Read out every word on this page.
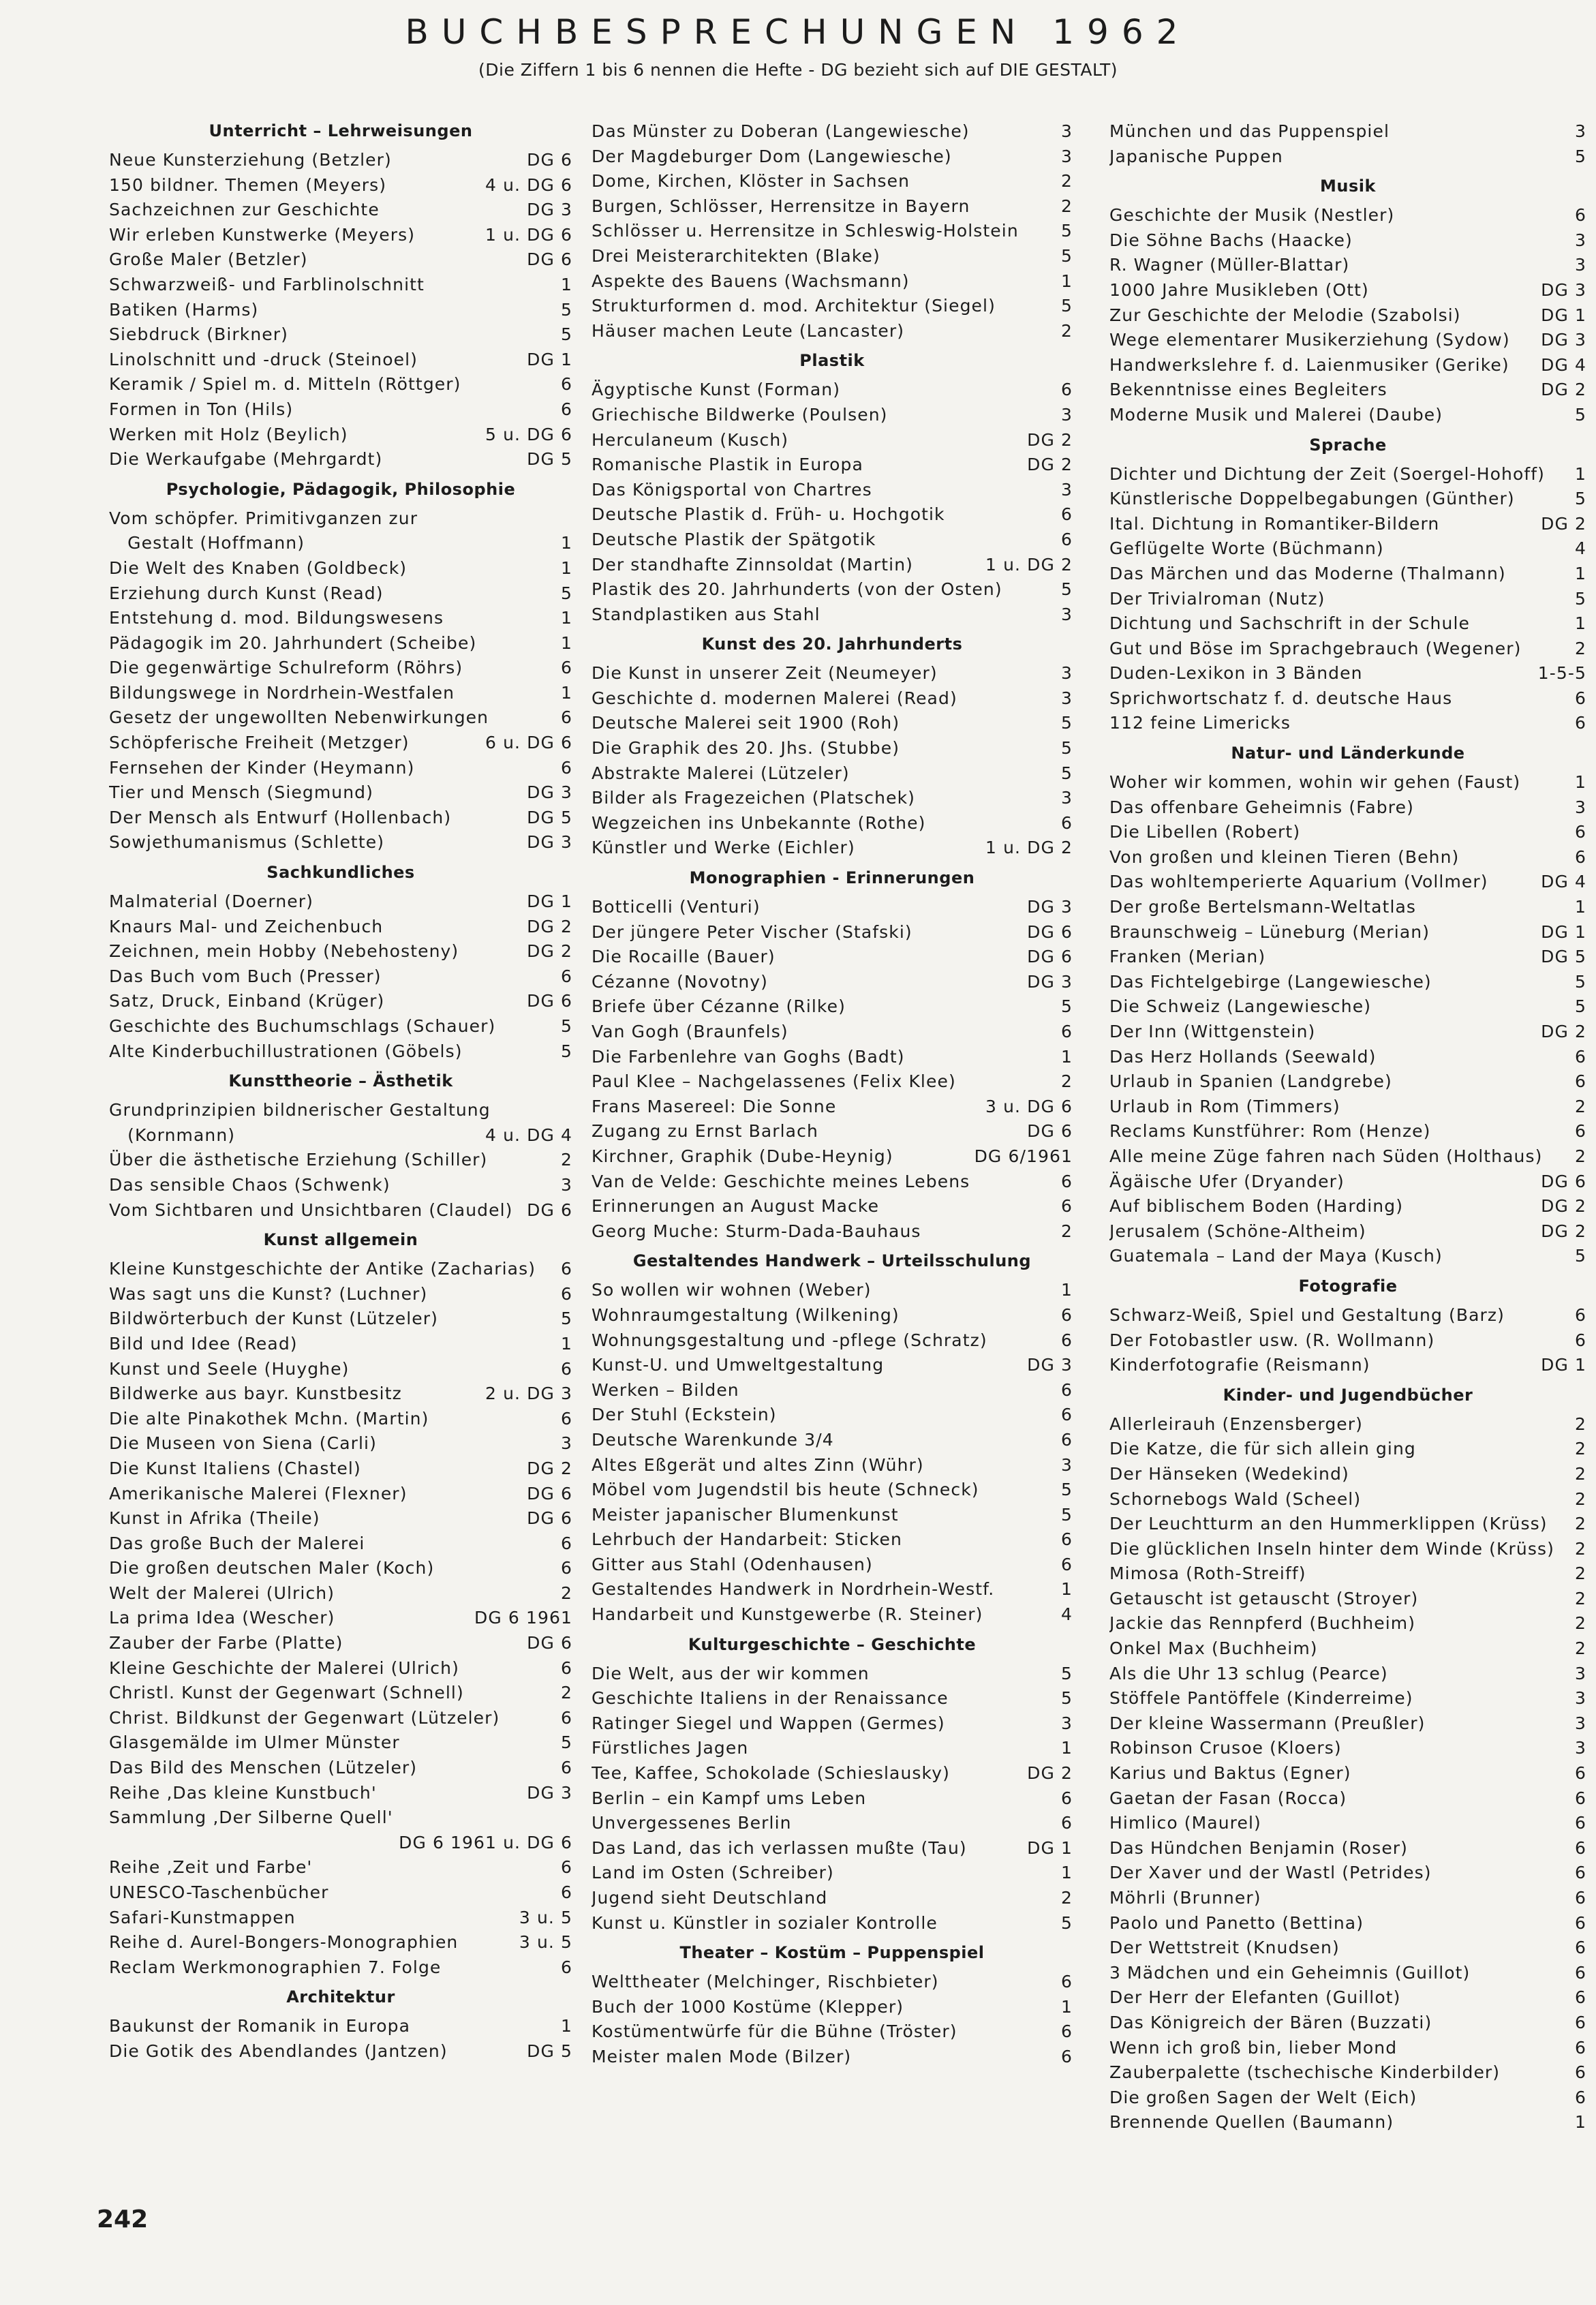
BUCHBESPRECHUNGEN 1962
(Die Ziffern 1 bis 6 nennen die Hefte - DG bezieht sich auf DIE GESTALT)
Unterricht – Lehrweisungen
Neue Kunsterziehung (Betzler)	DG 6
150 bildner. Themen (Meyers)	4 u. DG 6
Sachzeichnen zur Geschichte	DG 3
Wir erleben Kunstwerke (Meyers)	1 u. DG 6
Große Maler (Betzler)	DG 6
Schwarzweiß- und Farblinolschnitt	1
Batiken (Harms)	5
Siebdruck (Birkner)	5
Linolschnitt und -druck (Steinoel)	DG 1
Keramik / Spiel m. d. Mitteln (Röttger)	6
Formen in Ton (Hils)	6
Werken mit Holz (Beylich)	5 u. DG 6
Die Werkaufgabe (Mehrgardt)	DG 5
Psychologie, Pädagogik, Philosophie
Vom schöpfer. Primitivganzen zur
Gestalt (Hoffmann)	1
Die Welt des Knaben (Goldbeck)	1
Erziehung durch Kunst (Read)	5
Entstehung d. mod. Bildungswesens	1
Pädagogik im 20. Jahrhundert (Scheibe)	1
Die gegenwärtige Schulreform (Röhrs)	6
Bildungswege in Nordrhein-Westfalen	1
Gesetz der ungewollten Nebenwirkungen	6
Schöpferische Freiheit (Metzger)	6 u. DG 6
Fernsehen der Kinder (Heymann)	6
Tier und Mensch (Siegmund)	DG 3
Der Mensch als Entwurf (Hollenbach)	DG 5
Sowjethumanismus (Schlette)	DG 3
Sachkundliches
Malmaterial (Doerner)	DG 1
Knaurs Mal- und Zeichenbuch	DG 2
Zeichnen, mein Hobby (Nebehosteny)	DG 2
Das Buch vom Buch (Presser)	6
Satz, Druck, Einband (Krüger)	DG 6
Geschichte des Buchumschlags (Schauer)	5
Alte Kinderbuchillustrationen (Göbels)	5
Kunsttheorie – Ästhetik
Grundprinzipien bildnerischer Gestaltung
(Kornmann)	4 u. DG 4
Über die ästhetische Erziehung (Schiller)	2
Das sensible Chaos (Schwenk)	3
Vom Sichtbaren und Unsichtbaren (Claudel) DG 6
Kunst allgemein
Kleine Kunstgeschichte der Antike (Zacharias)	6
Was sagt uns die Kunst? (Luchner)	6
Bildwörterbuch der Kunst (Lützeler)	5
Bild und Idee (Read)	1
Kunst und Seele (Huyghe)	6
Bildwerke aus bayr. Kunstbesitz	2 u. DG 3
Die alte Pinakothek Mchn. (Martin)	6
Die Museen von Siena (Carli)	3
Die Kunst Italiens (Chastel)	DG 2
Amerikanische Malerei (Flexner)	DG 6
Kunst in Afrika (Theile)	DG 6
Das große Buch der Malerei	6
Die großen deutschen Maler (Koch)	6
Welt der Malerei (Ulrich)	2
La prima Idea (Wescher)	DG 6 1961
Zauber der Farbe (Platte)	DG 6
Kleine Geschichte der Malerei (Ulrich)	6
Christl. Kunst der Gegenwart (Schnell)	2
Christ. Bildkunst der Gegenwart (Lützeler)	6
Glasgemälde im Ulmer Münster	5
Das Bild des Menschen (Lützeler)	6
Reihe ‚Das kleine Kunstbuch'	DG 3
Sammlung ‚Der Silberne Quell'
DG 6 1961 u. DG 6
Reihe ‚Zeit und Farbe'	6
UNESCO-Taschenbücher	6
Safari-Kunstmappen	3 u. 5
Reihe d. Aurel-Bongers-Monographien	3 u. 5
Reclam Werkmonographien 7. Folge	6
Architektur
Baukunst der Romanik in Europa	1
Die Gotik des Abendlandes (Jantzen)	DG 5
Das Münster zu Doberan (Langewiesche)	3
Der Magdeburger Dom (Langewiesche)	3
Dome, Kirchen, Klöster in Sachsen	2
Burgen, Schlösser, Herrensitze in Bayern	2
Schlösser u. Herrensitze in Schleswig-Holstein	5
Drei Meisterarchitekten (Blake)	5
Aspekte des Bauens (Wachsmann)	1
Strukturformen d. mod. Architektur (Siegel)	5
Häuser machen Leute (Lancaster)	2
Plastik
Ägyptische Kunst (Forman)	6
Griechische Bildwerke (Poulsen)	3
Herculaneum (Kusch)	DG 2
Romanische Plastik in Europa	DG 2
Das Königsportal von Chartres	3
Deutsche Plastik d. Früh- u. Hochgotik	6
Deutsche Plastik der Spätgotik	6
Der standhafte Zinnsoldat (Martin)	1 u. DG 2
Plastik des 20. Jahrhunderts (von der Osten)	5
Standplastiken aus Stahl	3
Kunst des 20. Jahrhunderts
Die Kunst in unserer Zeit (Neumeyer)	3
Geschichte d. modernen Malerei (Read)	3
Deutsche Malerei seit 1900 (Roh)	5
Die Graphik des 20. Jhs. (Stubbe)	5
Abstrakte Malerei (Lützeler)	5
Bilder als Fragezeichen (Platschek)	3
Wegzeichen ins Unbekannte (Rothe)	6
Künstler und Werke (Eichler)	1 u. DG 2
Monographien - Erinnerungen
Botticelli (Venturi)	DG 3
Der jüngere Peter Vischer (Stafski)	DG 6
Die Rocaille (Bauer)	DG 6
Cézanne (Novotny)	DG 3
Briefe über Cézanne (Rilke)	5
Van Gogh (Braunfels)	6
Die Farbenlehre van Goghs (Badt)	1
Paul Klee – Nachgelassenes (Felix Klee)	2
Frans Masereel: Die Sonne	3 u. DG 6
Zugang zu Ernst Barlach	DG 6
Kirchner, Graphik (Dube-Heynig)	DG 6/1961
Van de Velde: Geschichte meines Lebens	6
Erinnerungen an August Macke	6
Georg Muche: Sturm-Dada-Bauhaus	2
Gestaltendes Handwerk – Urteilsschulung
So wollen wir wohnen (Weber)	1
Wohnraumgestaltung (Wilkening)	6
Wohnungsgestaltung und -pflege (Schratz)	6
Kunst-U. und Umweltgestaltung	DG 3
Werken – Bilden	6
Der Stuhl (Eckstein)	6
Deutsche Warenkunde 3/4	6
Altes Eßgerät und altes Zinn (Wühr)	3
Möbel vom Jugendstil bis heute (Schneck)	5
Meister japanischer Blumenkunst	5
Lehrbuch der Handarbeit: Sticken	6
Gitter aus Stahl (Odenhausen)	6
Gestaltendes Handwerk in Nordrhein-Westf.	1
Handarbeit und Kunstgewerbe (R. Steiner)	4
Kulturgeschichte – Geschichte
Die Welt, aus der wir kommen	5
Geschichte Italiens in der Renaissance	5
Ratinger Siegel und Wappen (Germes)	3
Fürstliches Jagen	1
Tee, Kaffee, Schokolade (Schieslausky)	DG 2
Berlin – ein Kampf ums Leben	6
Unvergessenes Berlin	6
Das Land, das ich verlassen mußte (Tau)	DG 1
Land im Osten (Schreiber)	1
Jugend sieht Deutschland	2
Kunst u. Künstler in sozialer Kontrolle	5
Theater – Kostüm – Puppenspiel
Welttheater (Melchinger, Rischbieter)	6
Buch der 1000 Kostüme (Klepper)	1
Kostümentwürfe für die Bühne (Tröster)	6
Meister malen Mode (Bilzer)	6
München und das Puppenspiel	3
Japanische Puppen	5
Musik
Geschichte der Musik (Nestler)	6
Die Söhne Bachs (Haacke)	3
R. Wagner (Müller-Blattar)	3
1000 Jahre Musikleben (Ott)	DG 3
Zur Geschichte der Melodie (Szabolsi)	DG 1
Wege elementarer Musikerziehung (Sydow)	DG 3
Handwerkslehre f. d. Laienmusiker (Gerike)	DG 4
Bekenntnisse eines Begleiters	DG 2
Moderne Musik und Malerei (Daube)	5
Sprache
Dichter und Dichtung der Zeit (Soergel-Hohoff)	1
Künstlerische Doppelbegabungen (Günther)	5
Ital. Dichtung in Romantiker-Bildern	DG 2
Geflügelte Worte (Büchmann)	4
Das Märchen und das Moderne (Thalmann)	1
Der Trivialroman (Nutz)	5
Dichtung und Sachschrift in der Schule	1
Gut und Böse im Sprachgebrauch (Wegener)	2
Duden-Lexikon in 3 Bänden	1-5-5
Sprichwortschatz f. d. deutsche Haus	6
112 feine Limericks	6
Natur- und Länderkunde
Woher wir kommen, wohin wir gehen (Faust)	1
Das offenbare Geheimnis (Fabre)	3
Die Libellen (Robert)	6
Von großen und kleinen Tieren (Behn)	6
Das wohltemperierte Aquarium (Vollmer)	DG 4
Der große Bertelsmann-Weltatlas	1
Braunschweig – Lüneburg (Merian)	DG 1
Franken (Merian)	DG 5
Das Fichtelgebirge (Langewiesche)	5
Die Schweiz (Langewiesche)	5
Der Inn (Wittgenstein)	DG 2
Das Herz Hollands (Seewald)	6
Urlaub in Spanien (Landgrebe)	6
Urlaub in Rom (Timmers)	2
Reclams Kunstführer: Rom (Henze)	6
Alle meine Züge fahren nach Süden (Holthaus)	2
Ägäische Ufer (Dryander)	DG 6
Auf biblischem Boden (Harding)	DG 2
Jerusalem (Schöne-Altheim)	DG 2
Guatemala – Land der Maya (Kusch)	5
Fotografie
Schwarz-Weiß, Spiel und Gestaltung (Barz)	6
Der Fotobastler usw. (R. Wollmann)	6
Kinderfotografie (Reismann)	DG 1
Kinder- und Jugendbücher
Allerleirauh (Enzensberger)	2
Die Katze, die für sich allein ging	2
Der Hänseken (Wedekind)	2
Schornebogs Wald (Scheel)	2
Der Leuchtturm an den Hummerklippen (Krüss)	2
Die glücklichen Inseln hinter dem Winde (Krüss)	2
Mimosa (Roth-Streiff)	2
Getauscht ist getauscht (Stroyer)	2
Jackie das Rennpferd (Buchheim)	2
Onkel Max (Buchheim)	2
Als die Uhr 13 schlug (Pearce)	3
Stöffele Pantöffele (Kinderreime)	3
Der kleine Wassermann (Preußler)	3
Robinson Crusoe (Kloers)	3
Karius und Baktus (Egner)	6
Gaetan der Fasan (Rocca)	6
Himlico (Maurel)	6
Das Hündchen Benjamin (Roser)	6
Der Xaver und der Wastl (Petrides)	6
Möhrli (Brunner)	6
Paolo und Panetto (Bettina)	6
Der Wettstreit (Knudsen)	6
3 Mädchen und ein Geheimnis (Guillot)	6
Der Herr der Elefanten (Guillot)	6
Das Königreich der Bären (Buzzati)	6
Wenn ich groß bin, lieber Mond	6
Zauberpalette (tschechische Kinderbilder)	6
Die großen Sagen der Welt (Eich)	6
Brennende Quellen (Baumann)	1
242
